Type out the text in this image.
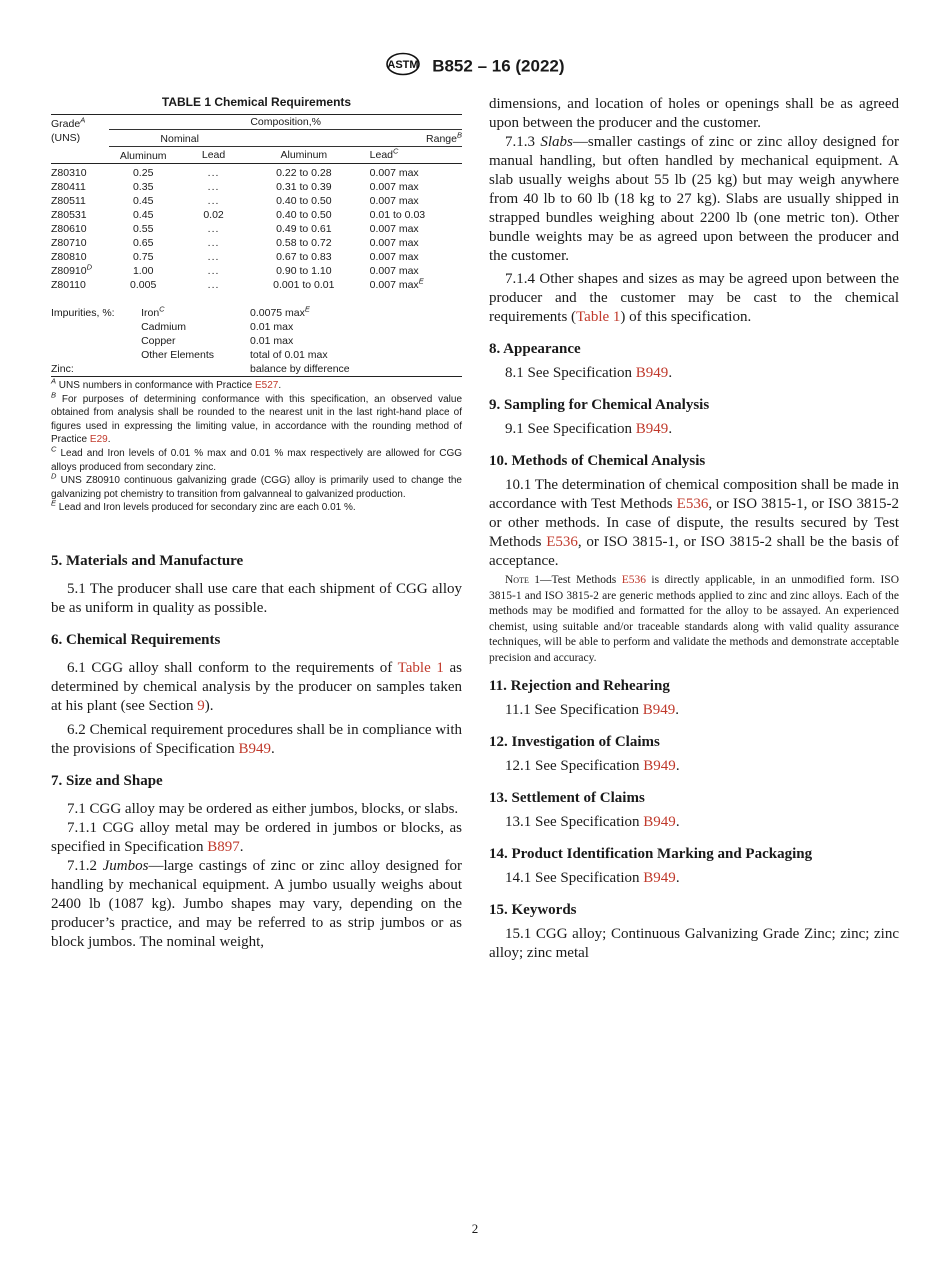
ASTM B852 – 16 (2022)
TABLE 1 Chemical Requirements
Grade$^A$
(UNS)	Composition,%
Nominal	Range$^B$
	Aluminum	Lead	Aluminum	Lead$^C$

Z80310	0.25	...	0.22 to 0.28	0.007 max
Z80411	0.35	...	0.31 to 0.39	0.007 max
Z80511	0.45	...	0.40 to 0.50	0.007 max
Z80531	0.45	0.02	0.40 to 0.50	0.01 to 0.03
Z80610	0.55	...	0.49 to 0.61	0.007 max
Z80710	0.65	...	0.58 to 0.72	0.007 max
Z80810	0.75	...	0.67 to 0.83	0.007 max
$Z80910^D$	1.00	...	0.90 to 1.10	0.007 max
Z80110	0.005	...	0.001 to 0.01	0.007 $\max^E$

Impurities, %:	Iron$^C$	0.0075 $\max^E$
	Cadmium	0.01 max
	Copper	0.01 max
	Other Elements	total of 0.01 max
Zinc:	balance by difference

$^A$ UNS numbers in conformance with Practice E527.

$^B$ For purposes of determining conformance with this specification, an observed value obtained from analysis shall be rounded to the nearest unit in the last right-hand place of figures used in expressing the limiting value, in accordance with the rounding method of Practice E29.

$^C$ Lead and Iron levels of 0.01 % max and 0.01 % max respectively are allowed for CGG alloys produced from secondary zinc.

$^D$ UNS Z80910 continuous galvanizing grade (CGG) alloy is primarily used to change the galvanizing pot chemistry to transition from galvanneal to galvanized production.

$^E$ Lead and Iron levels produced for secondary zinc are each 0.01 %.

5. Materials and Manufacture

5.1 The producer shall use care that each shipment of CGG alloy be as uniform in quality as possible.

6. Chemical Requirements

6.1 CGG alloy shall conform to the requirements of Table 1 as determined by chemical analysis by the producer on samples taken at his plant (see Section 9).

6.2 Chemical requirement procedures shall be in compliance with the provisions of Specification B949.

7. Size and Shape

7.1 CGG alloy may be ordered as either jumbos, blocks, or slabs.

7.1.1 CGG alloy metal may be ordered in jumbos or blocks, as specified in Specification B897.

7.1.2 Jumbos—large castings of zinc or zinc alloy designed for handling by mechanical equipment. A jumbo usually weighs about 2400 lb (1087 kg). Jumbo shapes may vary, depending on the producer’s practice, and may be referred to as strip jumbos or as block jumbos. The nominal weight,

dimensions, and location of holes or openings shall be as agreed upon between the producer and the customer.

7.1.3 Slabs—smaller castings of zinc or zinc alloy designed for manual handling, but often handled by mechanical equipment. A slab usually weighs about 55 lb (25 kg) but may weigh anywhere from 40 lb to 60 lb (18 kg to 27 kg). Slabs are usually shipped in strapped bundles weighing about 2200 lb (one metric ton). Other bundle weights may be as agreed upon between the producer and the customer.

7.1.4 Other shapes and sizes as may be agreed upon between the producer and the customer may be cast to the chemical requirements (Table 1) of this specification.

8. Appearance

8.1 See Specification B949.

9. Sampling for Chemical Analysis

9.1 See Specification B949.

10. Methods of Chemical Analysis

10.1 The determination of chemical composition shall be made in accordance with Test Methods E536, or ISO 3815-1, or ISO 3815-2 or other methods. In case of dispute, the results secured by Test Methods E536, or ISO 3815-1, or ISO 3815-2 shall be the basis of acceptance.

Note 1—Test Methods E536 is directly applicable, in an unmodified form. ISO 3815-1 and ISO 3815-2 are generic methods applied to zinc and zinc alloys. Each of the methods may be modified and formatted for the alloy to be assayed. An experienced chemist, using suitable and/or traceable standards along with valid quality assurance techniques, will be able to perform and validate the methods and demonstrate acceptable precision and accuracy.

11. Rejection and Rehearing

11.1 See Specification B949.

12. Investigation of Claims

12.1 See Specification B949.

13. Settlement of Claims

13.1 See Specification B949.

14. Product Identification Marking and Packaging

14.1 See Specification B949.

15. Keywords

15.1 CGG alloy; Continuous Galvanizing Grade Zinc; zinc; zinc alloy; zinc metal

2
